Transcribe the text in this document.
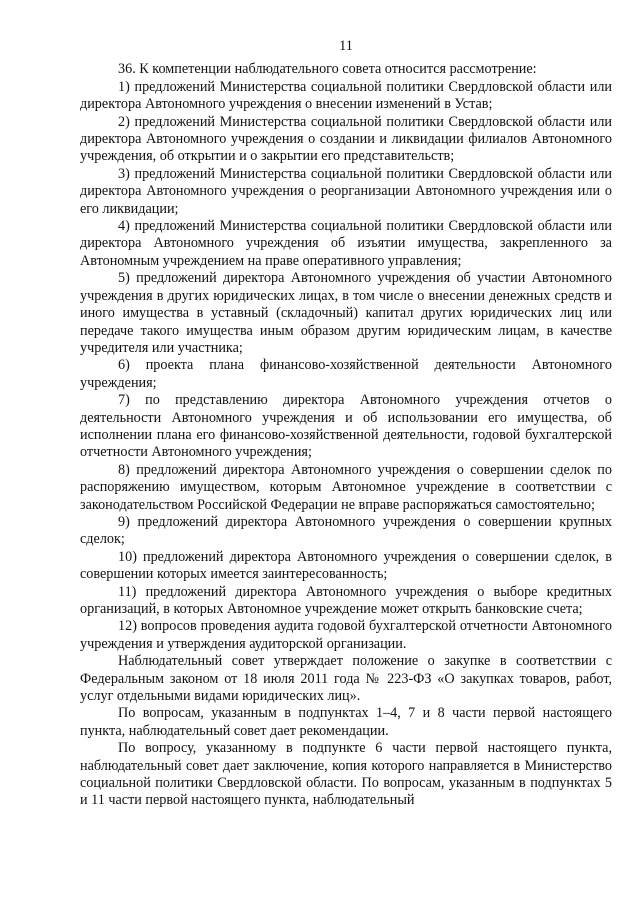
11

36. К компетенции наблюдательного совета относится рассмотрение:

1) предложений Министерства социальной политики Свердловской области или директора Автономного учреждения о внесении изменений в Устав;

2) предложений Министерства социальной политики Свердловской области или директора Автономного учреждения о создании и ликвидации филиалов Автономного учреждения, об открытии и о закрытии его представительств;

3) предложений Министерства социальной политики Свердловской области или директора Автономного учреждения о реорганизации Автономного учреждения или о его ликвидации;

4) предложений Министерства социальной политики Свердловской области или директора Автономного учреждения об изъятии имущества, закрепленного за Автономным учреждением на праве оперативного управления;

5) предложений директора Автономного учреждения об участии Автономного учреждения в других юридических лицах, в том числе о внесении денежных средств и иного имущества в уставный (складочный) капитал других юридических лиц или передаче такого имущества иным образом другим юридическим лицам, в качестве учредителя или участника;

6) проекта плана финансово-хозяйственной деятельности Автономного учреждения;

7) по представлению директора Автономного учреждения отчетов о деятельности Автономного учреждения и об использовании его имущества, об исполнении плана его финансово-хозяйственной деятельности, годовой бухгалтерской отчетности Автономного учреждения;

8) предложений директора Автономного учреждения о совершении сделок по распоряжению имуществом, которым Автономное учреждение в соответствии с законодательством Российской Федерации не вправе распоряжаться самостоятельно;

9) предложений директора Автономного учреждения о совершении крупных сделок;

10) предложений директора Автономного учреждения о совершении сделок, в совершении которых имеется заинтересованность;

11) предложений директора Автономного учреждения о выборе кредитных организаций, в которых Автономное учреждение может открыть банковские счета;

12) вопросов проведения аудита годовой бухгалтерской отчетности Автономного учреждения и утверждения аудиторской организации.

Наблюдательный совет утверждает положение о закупке в соответствии с Федеральным законом от 18 июля 2011 года № 223-ФЗ «О закупках товаров, работ, услуг отдельными видами юридических лиц».

По вопросам, указанным в подпунктах 1–4, 7 и 8 части первой настоящего пункта, наблюдательный совет дает рекомендации.

По вопросу, указанному в подпункте 6 части первой настоящего пункта, наблюдательный совет дает заключение, копия которого направляется в Министерство социальной политики Свердловской области. По вопросам, указанным в подпунктах 5 и 11 части первой настоящего пункта, наблюдательный
